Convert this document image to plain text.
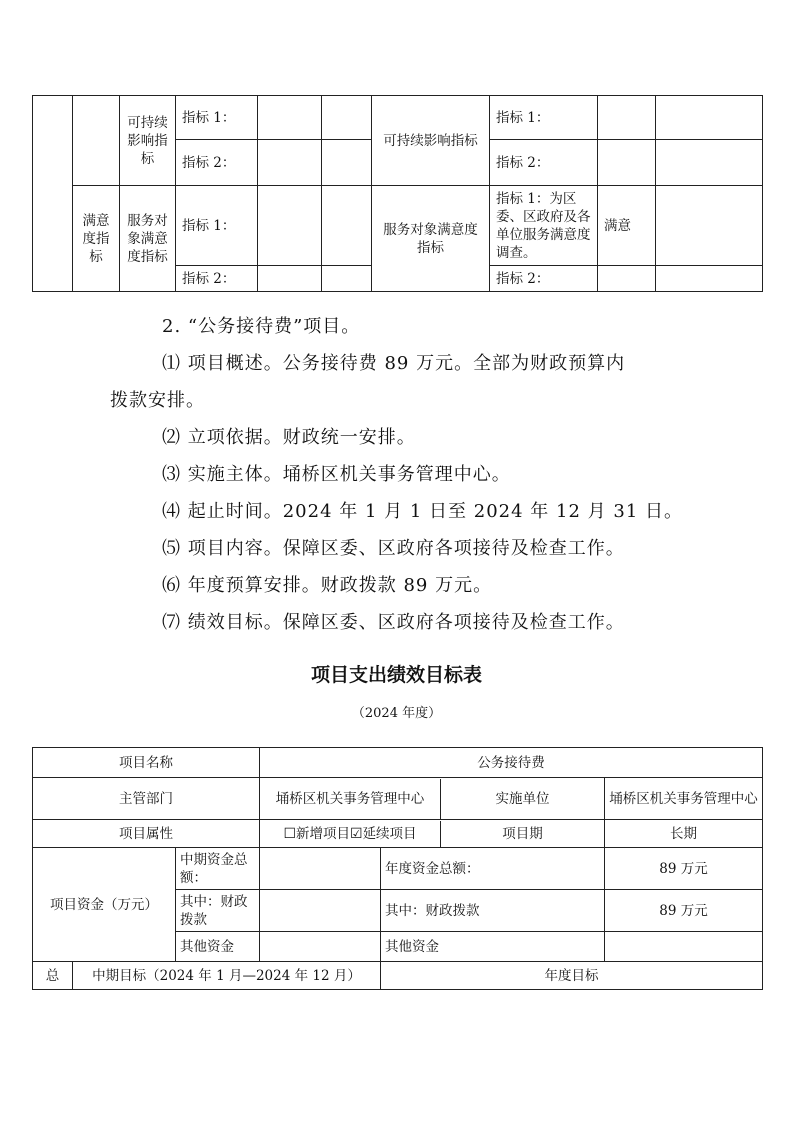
		可持续影响指标	指标 1：			可持续影响指标	指标 1：		
			指标 2：				指标 2：		
	满意度指标	服务对象满意度指标	指标 1：			服务对象满意度指标	指标 1：为区委、区政府及各单位服务满意度调查。	满意	
			指标 2：				指标 2：		
2. “公务接待费”项目。
⑴ 项目概述。公务接待费 89 万元。全部为财政预算内
拨款安排。
⑵ 立项依据。财政统一安排。
⑶ 实施主体。埇桥区机关事务管理中心。
⑷ 起止时间。2024 年 1 月 1 日至 2024 年 12 月 31 日。
⑸ 项目内容。保障区委、区政府各项接待及检查工作。
⑹ 年度预算安排。财政拨款 89 万元。
⑺ 绩效目标。保障区委、区政府各项接待及检查工作。
项目支出绩效目标表
（2024 年度）
项目名称			公务接待费		
主管部门			埇桥区机关事务管理中心 实施单位		埇桥区机关事务管理中心
项目属性			☐新增项目☑延续项目 项目期		长期
项目资金（万元）		中期资金总额：		年度资金总额：	89 万元
		其中：财政拨款		其中：财政拨款	89 万元
		其他资金		其他资金	
总	中期目标（2024 年 1 月—2024 年 12 月）			年度目标	
